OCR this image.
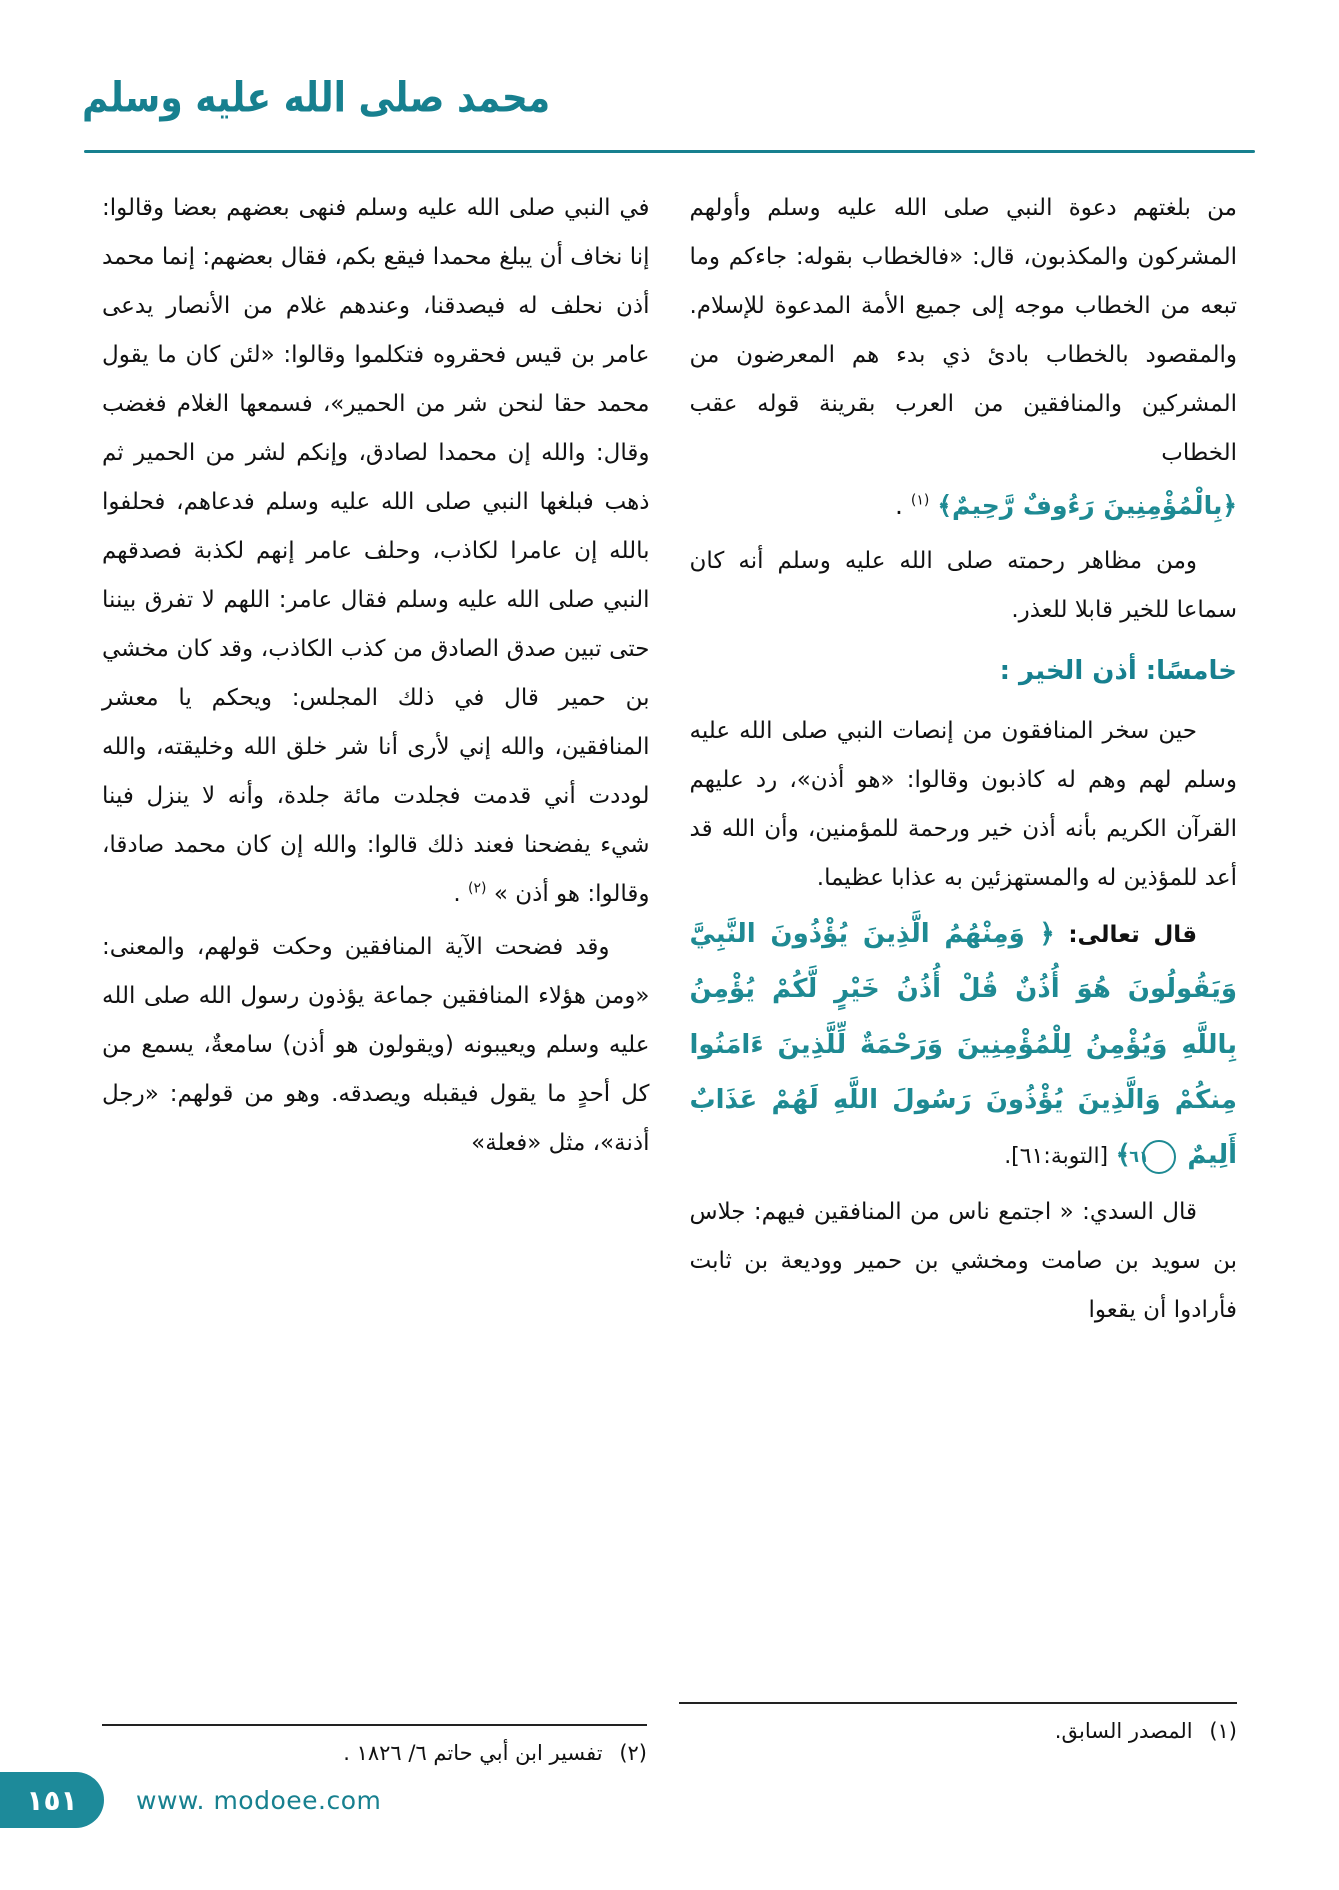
محمد صلى الله عليه وسلم

من بلغتهم دعوة النبي صلى الله عليه وسلم وأولهم المشركون والمكذبون، قال: «فالخطاب بقوله: جاءكم وما تبعه من الخطاب موجه إلى جميع الأمة المدعوة للإسلام. والمقصود بالخطاب بادئ ذي بدء هم المعرضون من المشركين والمنافقين من العرب بقرينة قوله عقب الخطاب

﴿بِالْمُؤْمِنِينَ رَءُوفٌ رَّحِيمٌ﴾ $^{(١)}$ .

ومن مظاهر رحمته صلى الله عليه وسلم أنه كان سماعا للخير قابلا للعذر.

خامسًا: أذن الخير :

حين سخر المنافقون من إنصات النبي صلى الله عليه وسلم لهم وهم له كاذبون وقالوا: «هو أذن»، رد عليهم القرآن الكريم بأنه أذن خير ورحمة للمؤمنين، وأن الله قد أعد للمؤذين له والمستهزئين به عذابا عظيما.

قال تعالى: ﴿ وَمِنْهُمُ الَّذِينَ يُؤْذُونَ النَّبِيَّ وَيَقُولُونَ هُوَ أُذُنٌ قُلْ أُذُنُ خَيْرٍ لَّكُمْ يُؤْمِنُ بِاللَّهِ وَيُؤْمِنُ لِلْمُؤْمِنِينَ وَرَحْمَةٌ لِّلَّذِينَ ءَامَنُوا مِنكُمْ وَالَّذِينَ يُؤْذُونَ رَسُولَ اللَّهِ لَهُمْ عَذَابٌ أَلِيمٌ ٦١ ﴾ [التوبة:٦١].

قال السدي: « اجتمع ناس من المنافقين فيهم: جلاس بن سويد بن صامت ومخشي بن حمير ووديعة بن ثابت فأرادوا أن يقعوا

في النبي صلى الله عليه وسلم فنهى بعضهم بعضا وقالوا: إنا نخاف أن يبلغ محمدا فيقع بكم، فقال بعضهم: إنما محمد أذن نحلف له فيصدقنا، وعندهم غلام من الأنصار يدعى عامر بن قيس فحقروه فتكلموا وقالوا: «لئن كان ما يقول محمد حقا لنحن شر من الحمير»، فسمعها الغلام فغضب وقال: والله إن محمدا لصادق، وإنكم لشر من الحمير ثم ذهب فبلغها النبي صلى الله عليه وسلم فدعاهم، فحلفوا بالله إن عامرا لكاذب، وحلف عامر إنهم لكذبة فصدقهم النبي صلى الله عليه وسلم فقال عامر: اللهم لا تفرق بيننا حتى تبين صدق الصادق من كذب الكاذب، وقد كان مخشي بن حمير قال في ذلك المجلس: ويحكم يا معشر المنافقين، والله إني لأرى أنا شر خلق الله وخليقته، والله لوددت أني قدمت فجلدت مائة جلدة، وأنه لا ينزل فينا شيء يفضحنا فعند ذلك قالوا: والله إن كان محمد صادقا، وقالوا: هو أذن » $^{(٢)}$ .

وقد فضحت الآية المنافقين وحكت قولهم، والمعنى: «ومن هؤلاء المنافقين جماعة يؤذون رسول الله صلى الله عليه وسلم ويعيبونه (ويقولون هو أذن) سامعةٌ، يسمع من كل أحدٍ ما يقول فيقبله ويصدقه. وهو من قولهم: «رجل أذنة»، مثل «فعلة»

(١) المصدر السابق.
(٢) تفسير ابن أبي حاتم ٦/ ١٨٢٦ .
١٥١ www. modoee.com
